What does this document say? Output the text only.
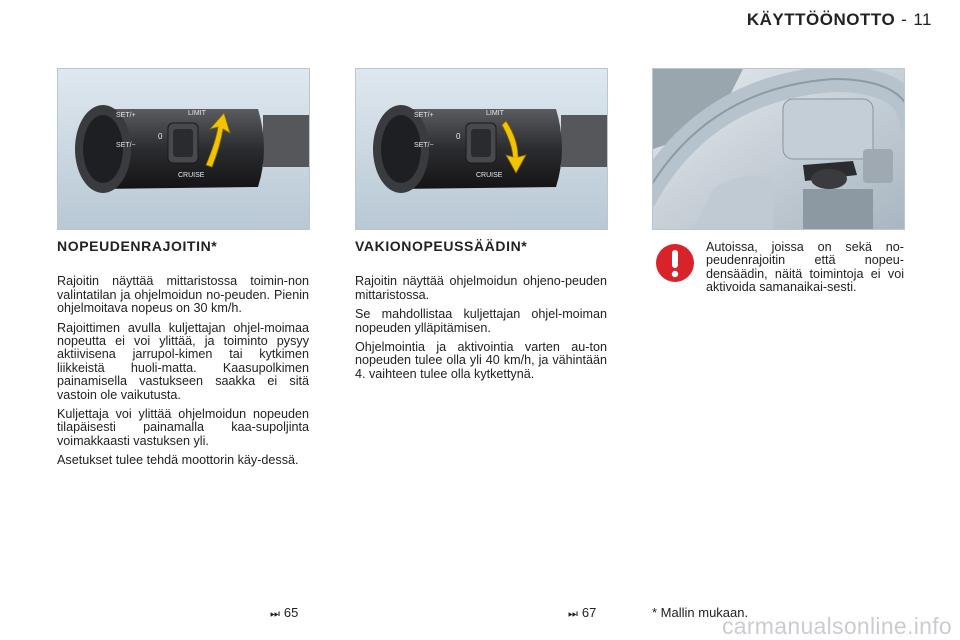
KÄYTTÖÖNOTTO - 11
SET/+
SET/−
LIMIT
0
CRUISE
SET/+
SET/−
LIMIT
0
CRUISE
NOPEUDENRAJOITIN*

Rajoitin näyttää mittaristossa toimin-non valintatilan ja ohjelmoidun no-peuden. Pienin ohjelmoitava nopeus on 30 km/h.

Rajoittimen avulla kuljettajan ohjel-moimaa nopeutta ei voi ylittää, ja toiminto pysyy aktiivisena jarrupol-kimen tai kytkimen liikkeistä huoli-matta. Kaasupolkimen painamisella vastukseen saakka ei sitä vastoin ole vaikutusta.

Kuljettaja voi ylittää ohjelmoidun nopeuden tilapäisesti painamalla kaa-supoljinta voimakkaasti vastuksen yli.

Asetukset tulee tehdä moottorin käy-dessä.

VAKIONOPEUSSÄÄDIN*

Rajoitin näyttää ohjelmoidun ohjeno-peuden mittaristossa.

Se mahdollistaa kuljettajan ohjel-moiman nopeuden ylläpitämisen.

Ohjelmointia ja aktivointia varten au-ton nopeuden tulee olla yli 40 km/h, ja vähintään 4. vaihteen tulee olla kytkettynä.

Autoissa, joissa on sekä no-peudenrajoitin että nopeu-densäädin, näitä toimintoja ei voi aktivoida samanaikai-sesti.
⏭ 65	⏭ 67	* Mallin mukaan.
carmanualsonline.info
